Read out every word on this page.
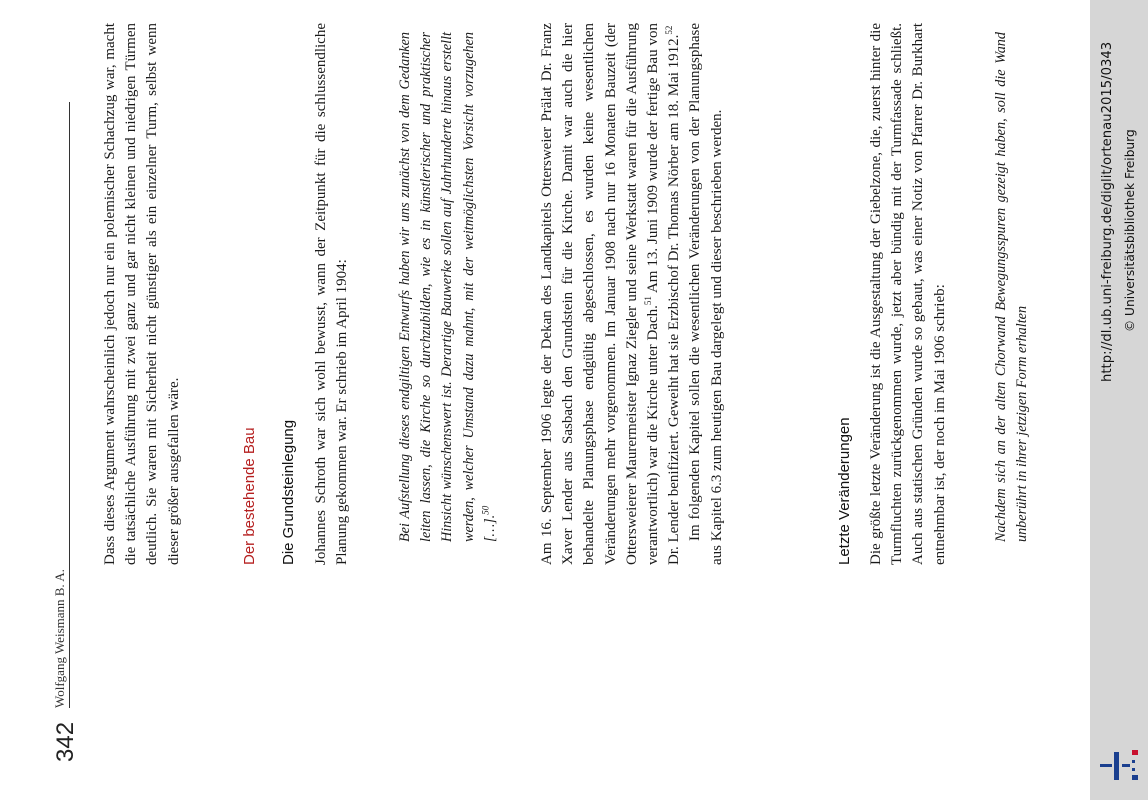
342
Wolfgang Weismann B. A.

Dass dieses Argument wahrscheinlich jedoch nur ein polemischer Schachzug war, macht die tatsächliche Ausführung mit zwei ganz und gar nicht kleinen und niedrigen Türmen deutlich. Sie waren mit Sicherheit nicht günstiger als ein einzelner Turm, selbst wenn dieser größer ausgefallen wäre.	Der bestehende Bau Die Grundsteinlegung Johannes Schroth war sich wohl bewusst, wann der Zeitpunkt für die schlussendliche Planung gekommen war. Er schrieb im April 1904:	Bei Aufstellung dieses endgiltigen Entwurfs haben wir uns zunächst von dem Gedanken leiten lassen, die Kirche so durchzubilden, wie es in künstlerischer und praktischer Hinsicht wünschenswert ist. Derartige Bauwerke sollen auf Jahrhunderte hinaus erstellt werden, welcher Umstand dazu mahnt, mit der weitmöglichsten Vorsicht vorzugehen […].$^{50}$	Am 16. September 1906 legte der Dekan des Landkapitels Ottersweier Prälat Dr. Franz Xaver Lender aus Sasbach den Grundstein für die Kirche. Damit war auch die hier behandelte Planungsphase endgültig abgeschlossen, es wurden keine wesentlichen Veränderungen mehr vorgenommen. Im Januar 1908 nach nur 16 Monaten Bauzeit (der Ottersweierer Maurermeister Ignaz Ziegler und seine Werkstatt waren für die Ausführung verantwortlich) war die Kirche unter Dach.$^{51}$ Am 13. Juni 1909 wurde der fertige Bau von Dr. Lender benifiziert. Geweiht hat sie Erzbischof Dr. Thomas Nörber am 18. Mai 1912.52 Im folgenden Kapitel sollen die wesentlichen Veränderungen von der Planungsphase aus Kapitel 6.3 zum heutigen Bau dargelegt und dieser beschrieben werden.	Letzte Veränderungen Die größte letzte Veränderung ist die Ausgestaltung der Giebelzone, die, zuerst hinter die Turmfluchten zurückgenommen wurde, jetzt aber bündig mit der Turmfassade schließt. Auch aus statischen Gründen wurde so gebaut, was einer Notiz von Pfarrer Dr. Burkhart entnehmbar ist, der noch im Mai 1906 schrieb:	Nachdem sich an der alten Chorwand Bewegungsspuren gezeigt haben, soll die Wand unberührt in ihrer jetzigen Form erhalten

http://dl.ub.uni-freiburg.de/diglit/ortenau2015/0343 © Universitätsbibliothek Freiburg
